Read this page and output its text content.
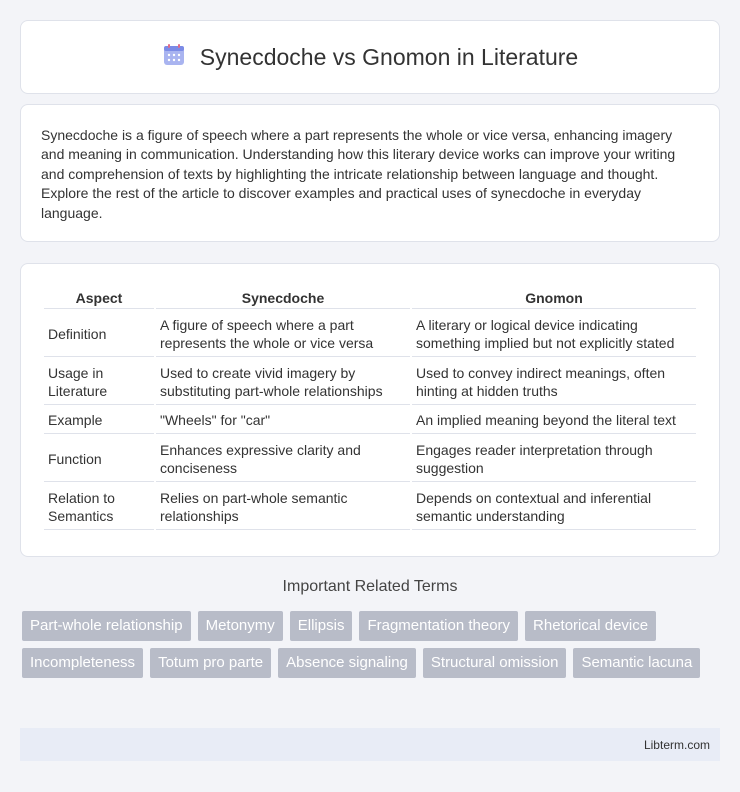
Synecdoche vs Gnomon in Literature

Synecdoche is a figure of speech where a part represents the whole or vice versa, enhancing imagery and meaning in communication. Understanding how this literary device works can improve your writing and comprehension of texts by highlighting the intricate relationship between language and thought. Explore the rest of the article to discover examples and practical uses of synecdoche in everyday language.

Aspect	Synecdoche	Gnomon
Definition	A figure of speech where a part represents the whole or vice versa	A literary or logical device indicating something implied but not explicitly stated
Usage in Literature	Used to create vivid imagery by substituting part-whole relationships	Used to convey indirect meanings, often hinting at hidden truths
Example	"Wheels" for "car"	An implied meaning beyond the literal text
Function	Enhances expressive clarity and conciseness	Engages reader interpretation through suggestion
Relation to Semantics	Relies on part-whole semantic relationships	Depends on contextual and inferential semantic understanding
Important Related Terms
Part-whole relationship	Metonymy	Ellipsis	Fragmentation theory	Rhetorical device
Incompleteness	Totum pro parte	Absence signaling	Structural omission	Semantic lacuna
Libterm.com
